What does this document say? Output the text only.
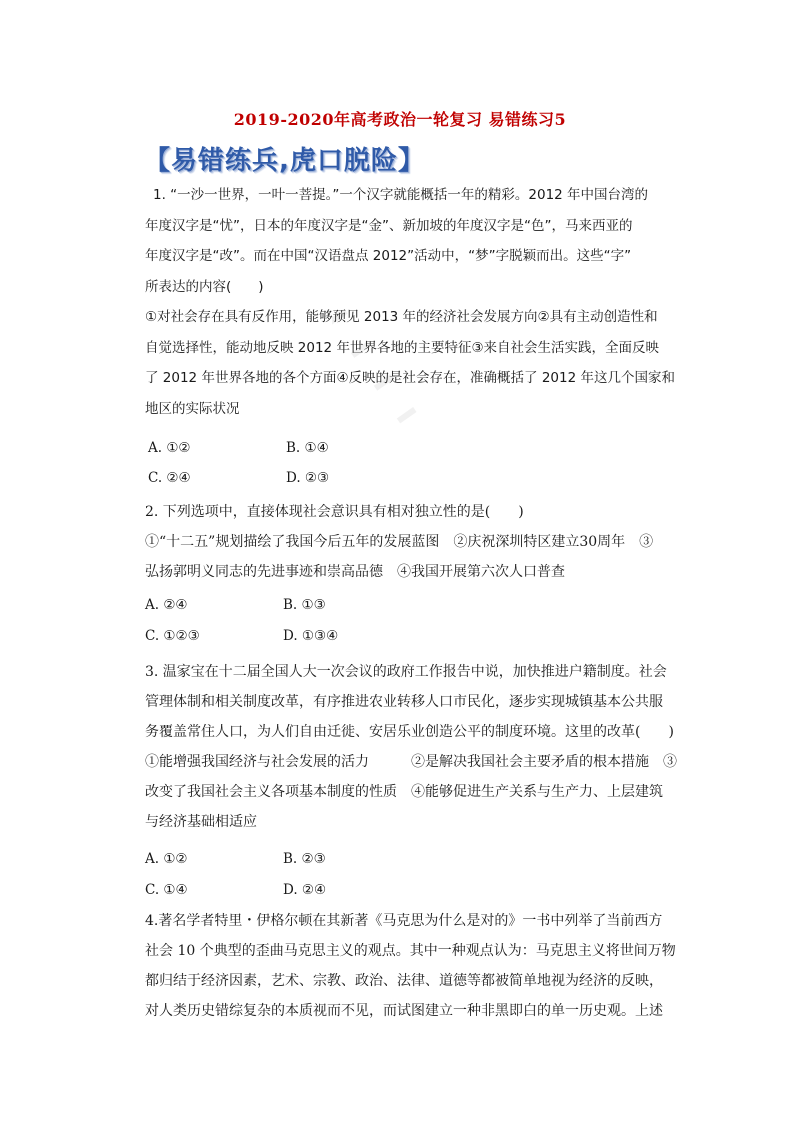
2019-2020年高考政治一轮复习 易错练习5
【易错练兵,虎口脱险】

1. “一沙一世界，一叶一菩提。”一个汉字就能概括一年的精彩。2012 年中国台湾的

年度汉字是“忧”，日本的年度汉字是“金”、新加坡的年度汉字是“色”，马来西亚的

年度汉字是“改”。而在中国“汉语盘点 2012”活动中，“梦”字脱颖而出。这些“字”

所表达的内容(　　)

①对社会存在具有反作用，能够预见 2013 年的经济社会发展方向②具有主动创造性和

自觉选择性，能动地反映 2012 年世界各地的主要特征③来自社会生活实践，全面反映

了 2012 年世界各地的各个方面④反映的是社会存在，准确概括了 2012 年这几个国家和

地区的实际状况

A. ①②	B. ①④
C. ②④	D. ②③

2. 下列选项中，直接体现社会意识具有相对独立性的是(　　)

①“十二五”规划描绘了我国今后五年的发展蓝图　②庆祝深圳特区建立30周年　③

弘扬郭明义同志的先进事迹和崇高品德　④我国开展第六次人口普查

A. ②④	B. ①③
C. ①②③	D. ①③④

3. 温家宝在十二届全国人大一次会议的政府工作报告中说，加快推进户籍制度。社会

管理体制和相关制度改革，有序推进农业转移人口市民化，逐步实现城镇基本公共服

务覆盖常住人口，为人们自由迁徙、安居乐业创造公平的制度环境。这里的改革(　　)

①能增强我国经济与社会发展的活力　　　②是解决我国社会主要矛盾的根本措施　③

改变了我国社会主义各项基本制度的性质　④能够促进生产关系与生产力、上层建筑

与经济基础相适应

A. ①②	B. ②③
C. ①④	D. ②④

4.著名学者特里・伊格尔顿在其新著《马克思为什么是对的》一书中列举了当前西方

社会 10 个典型的歪曲马克思主义的观点。其中一种观点认为：马克思主义将世间万物

都归结于经济因素，艺术、宗教、政治、法律、道德等都被简单地视为经济的反映，

对人类历史错综复杂的本质视而不见，而试图建立一种非黑即白的单一历史观。上述
